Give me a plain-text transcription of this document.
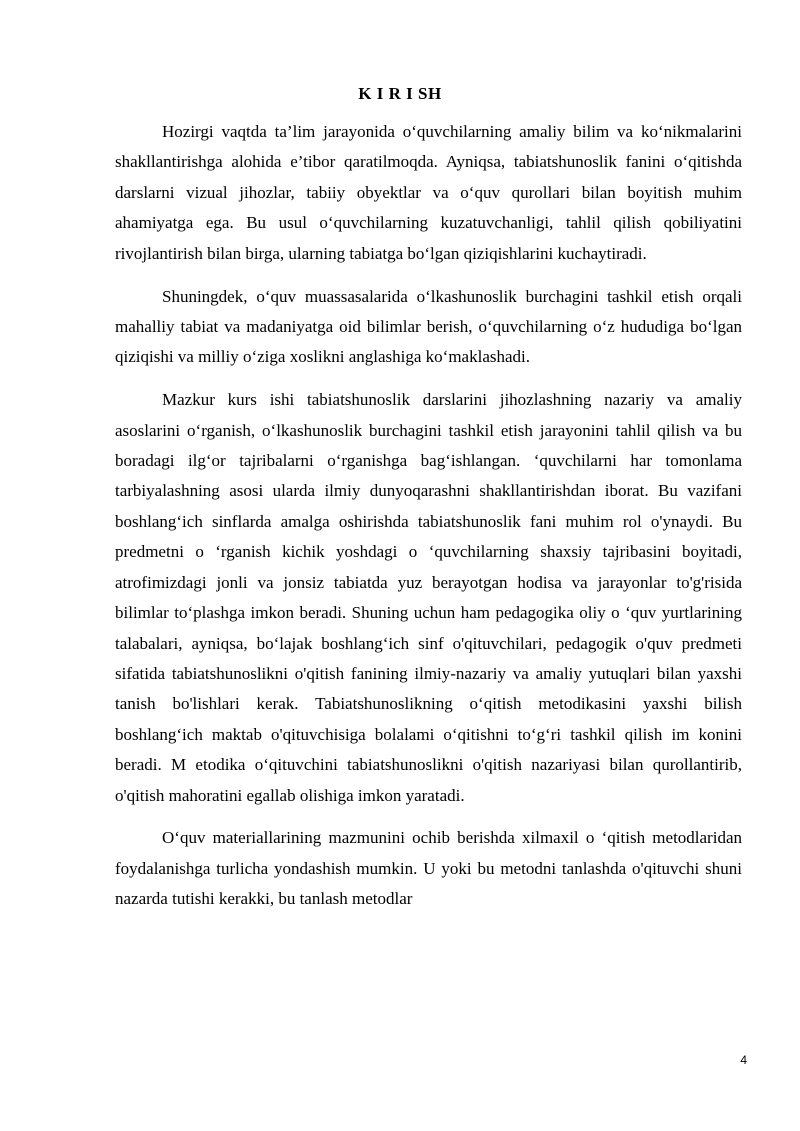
K I R I SH

Hozirgi vaqtda ta’lim jarayonida o‘quvchilarning amaliy bilim va ko‘nikmalarini shakllantirishga alohida e’tibor qaratilmoqda. Ayniqsa, tabiatshunoslik fanini o‘qitishda darslarni vizual jihozlar, tabiiy obyektlar va o‘quv qurollari bilan boyitish muhim ahamiyatga ega. Bu usul o‘quvchilarning kuzatuvchanligi, tahlil qilish qobiliyatini rivojlantirish bilan birga, ularning tabiatga bo‘lgan qiziqishlarini kuchaytiradi.

Shuningdek, o‘quv muassasalarida o‘lkashunoslik burchagini tashkil etish orqali mahalliy tabiat va madaniyatga oid bilimlar berish, o‘quvchilarning o‘z hududiga bo‘lgan qiziqishi va milliy o‘ziga xoslikni anglashiga ko‘maklashadi.

Mazkur kurs ishi tabiatshunoslik darslarini jihozlashning nazariy va amaliy asoslarini o‘rganish, o‘lkashunoslik burchagini tashkil etish jarayonini tahlil qilish va bu boradagi ilg‘or tajribalarni o‘rganishga bag‘ishlangan. ‘quvchilarni har tomonlama tarbiyalashning asosi ularda ilmiy dunyoqarashni shakllantirishdan iborat. Bu vazifani boshlang‘ich sinflarda amalga oshirishda tabiatshunoslik fani muhim rol o'ynaydi. Bu predmetni o ‘rganish kichik yoshdagi o ‘quvchilarning shaxsiy tajribasini boyitadi, atrofimizdagi jonli va jonsiz tabiatda yuz berayotgan hodisa va jarayonlar to'g'risida bilimlar to‘plashga imkon beradi. Shuning uchun ham pedagogika oliy o ‘quv yurtlarining talabalari, ayniqsa, bo‘lajak boshlang‘ich sinf o'qituvchilari, pedagogik o'quv predmeti sifatida tabiatshunoslikni o'qitish fanining ilmiy-nazariy va amaliy yutuqlari bilan yaxshi tanish bo'lishlari kerak. Tabiatshunoslikning o‘qitish metodikasini yaxshi bilish boshlang‘ich maktab o'qituvchisiga bolalami o‘qitishni to‘g‘ri tashkil qilish im konini beradi. M etodika o‘qituvchini tabiatshunoslikni o'qitish nazariyasi bilan qurollantirib, o'qitish mahoratini egallab olishiga imkon yaratadi.

O‘quv materiallarining mazmunini ochib berishda xilmaxil o ‘qitish metodlaridan foydalanishga turlicha yondashish mumkin. U yoki bu metodni tanlashda o'qituvchi shuni nazarda tutishi kerakki, bu tanlash metodlar

4
